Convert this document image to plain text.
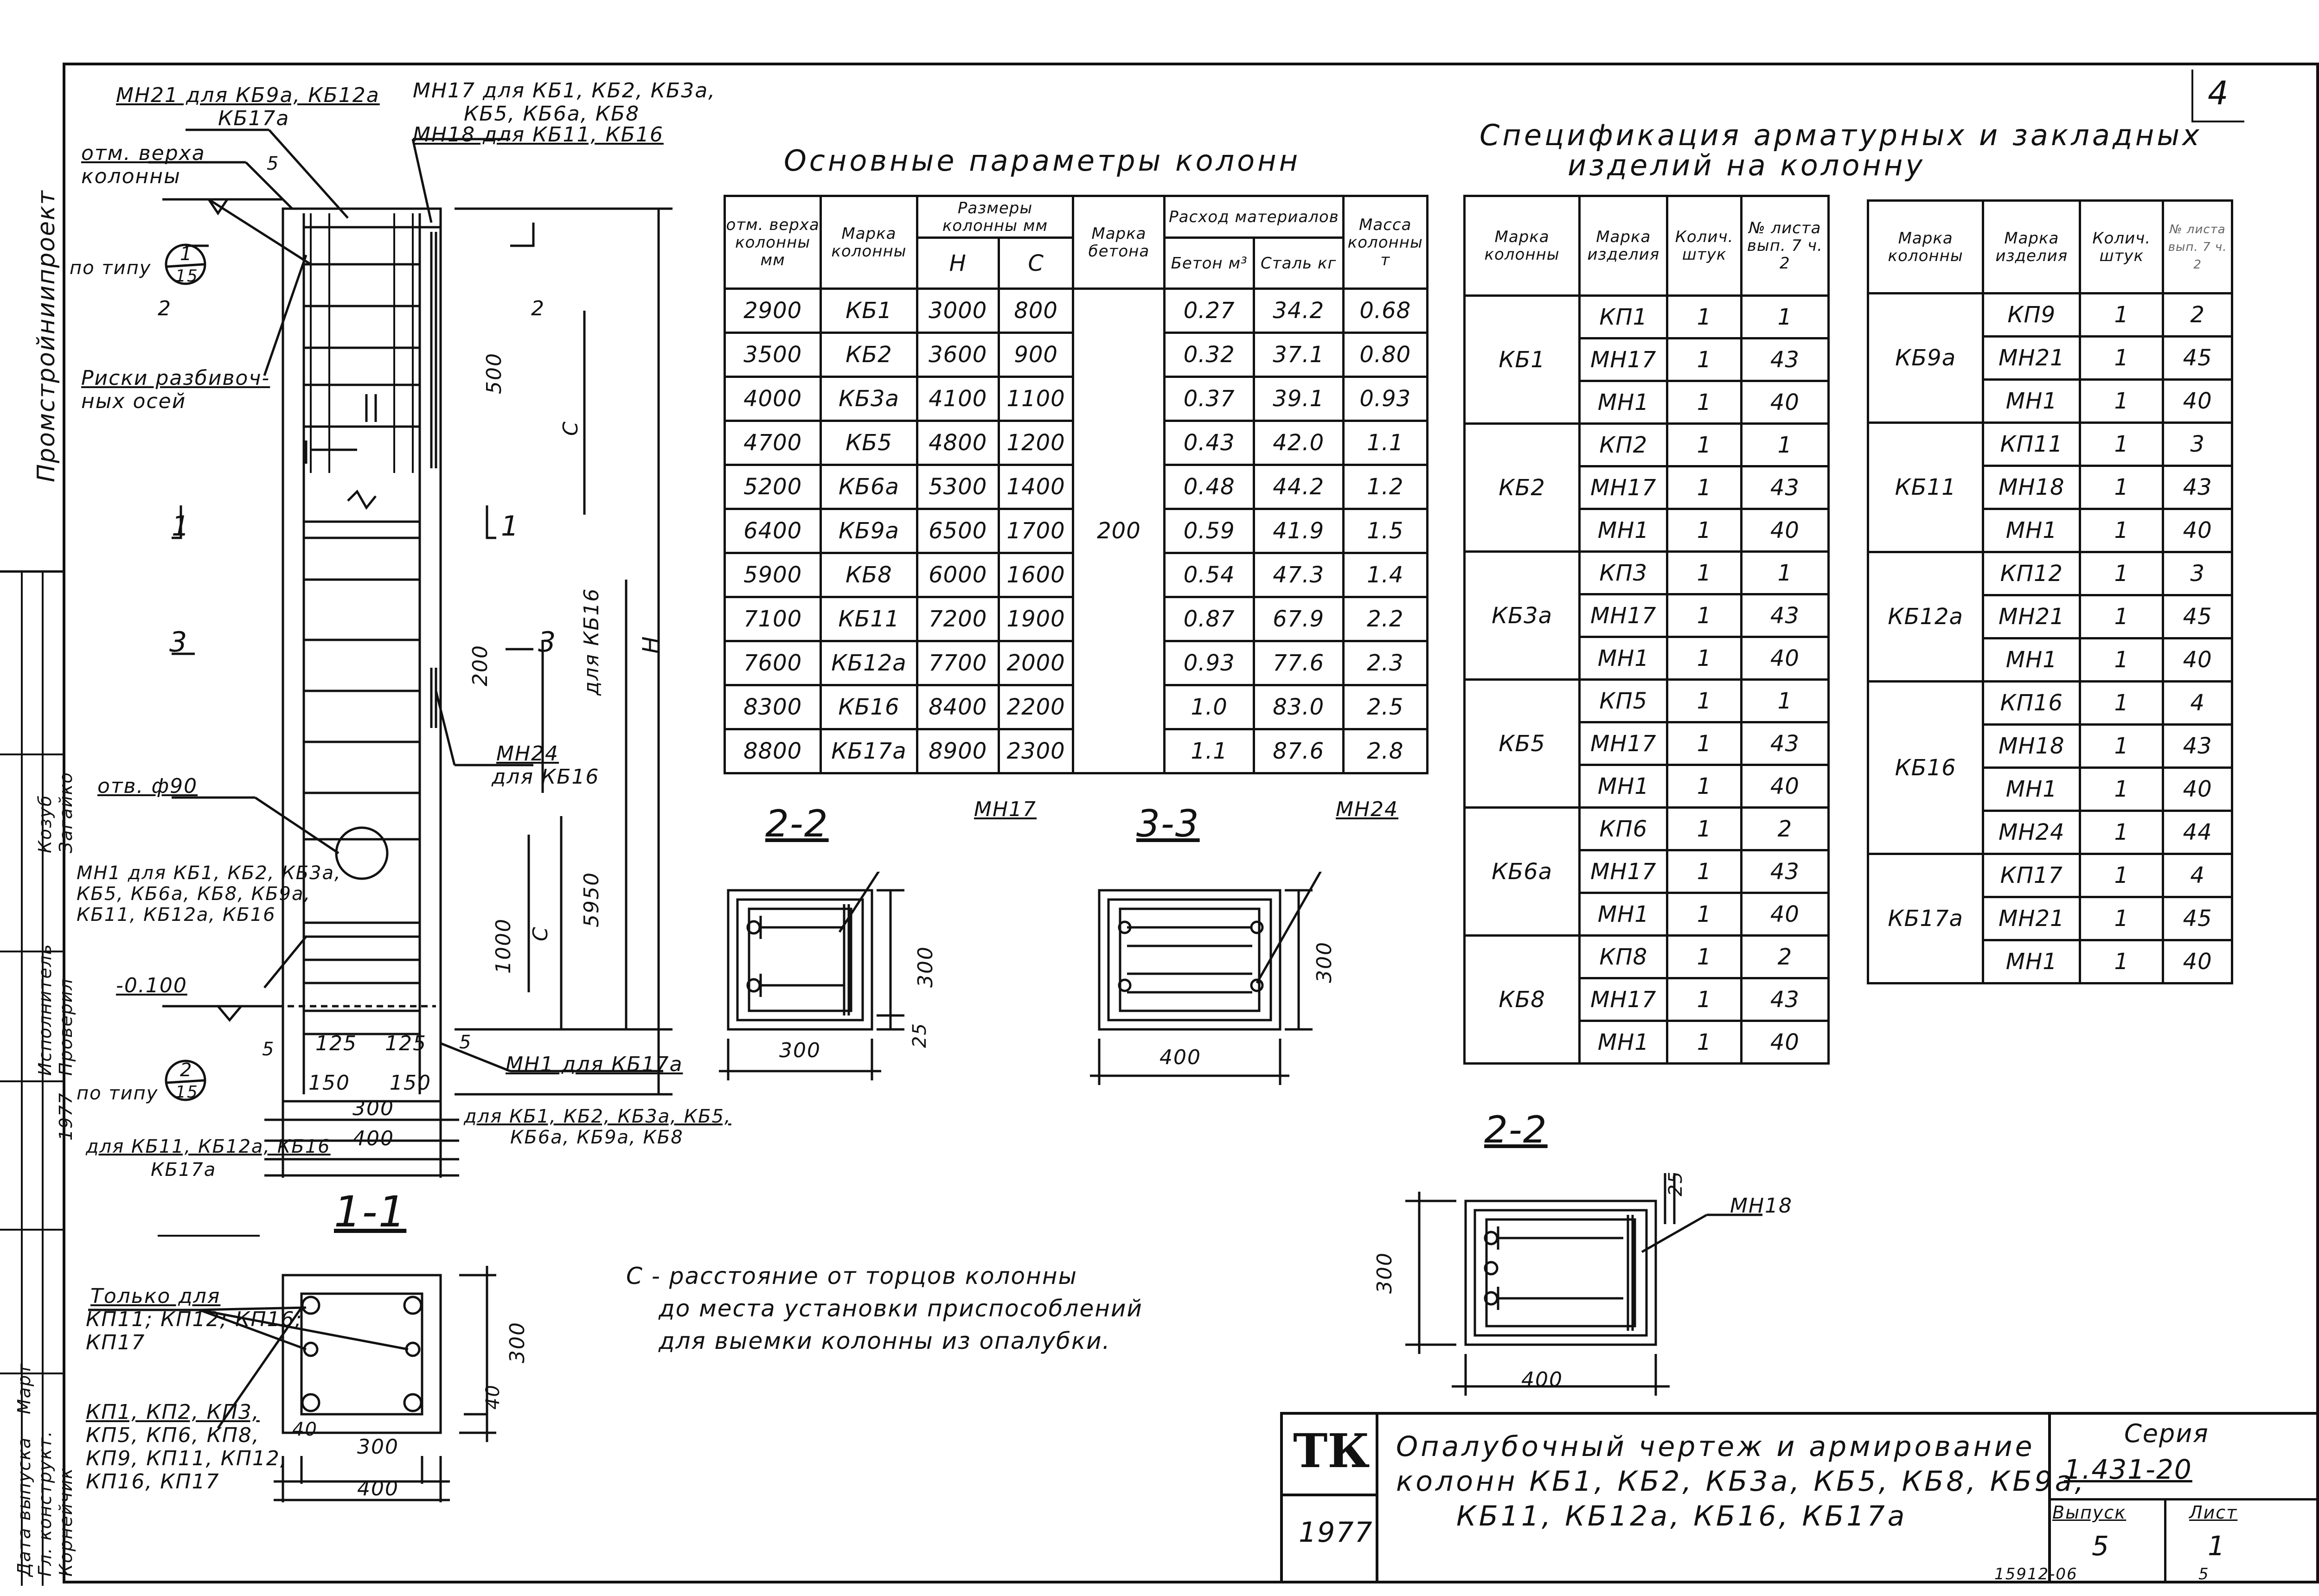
4
Промстройниипроект
Гл. конструкт. Корнейчик
Исполнитель
Козуб
Проверил
Загайко
Дата выпуска
Март
1977
МН21 для КБ9а, КБ12а
КБ17а
МН17 для КБ1, КБ2, КБ3а,
КБ5, КБ6а, КБ8
МН18 для КБ11, КБ16
отм. верха
колонны
5
по типу
1
15
2	2
Риски разбивоч-
ных осей
1	1
3	3
отв. ф90
МН1 для КБ1, КБ2, КБ3а,
КБ5, КБ6а, КБ8, КБ9а,
КБ11, КБ12а, КБ16
-0.100
МН24
для КБ16
МН1 для КБ17а
по типу
2
15
для КБ1, КБ2, КБ3а, КБ5,
КБ6а, КБ9а, КБ8
для КБ11, КБ12а, КБ16
КБ17а
500
С
Н
для КБ16
200
1000 С
5950
5	5
125 125
150 150
300
400
1-1
Только для
КП11; КП12; КП16;
КП17
КП1, КП2, КП3,
КП5, КП6, КП8,
КП9, КП11, КП12,
КП16, КП17
300
400
300
40
40
Основные параметры колонн
отм. верха колонны мм	Марка колонны	Размеры колонны мм		Марка бетона	Расход материалов		Масса колонны т
		Н	С		Бетон м³	Сталь кг	
2900	КБ1	3000	800	200	0.27	34.2	0.68
3500	КБ2	3600	900		0.32	37.1	0.80
4000	КБ3а	4100	1100		0.37	39.1	0.93
4700	КБ5	4800	1200		0.43	42.0	1.1
5200	КБ6а	5300	1400		0.48	44.2	1.2
6400	КБ9а	6500	1700		0.59	41.9	1.5
5900	КБ8	6000	1600		0.54	47.3	1.4
7100	КБ11	7200	1900		0.87	67.9	2.2
7600	КБ12а	7700	2000		0.93	77.6	2.3
8300	КБ16	8400	2200		1.0	83.0	2.5
8800	КБ17а	8900	2300		1.1	87.6	2.8
2-2	МН17
300
300
25
3-3	МН24
400
300
С - расстояние от торцов колонны
до места установки приспособлений
для выемки колонны из опалубки.
Спецификация арматурных и закладных
изделий на колонну
Марка колонны	Марка изделия	Колич. штук	№ листа вып. 7 ч. 2
КБ1	КП1	1	1
	МН17	1	43
	МН1	1	40
КБ2	КП2	1	1
	МН17	1	43
	МН1	1	40
КБ3а	КП3	1	1
	МН17	1	43
	МН1	1	40
КБ5	КП5	1	1
	МН17	1	43
	МН1	1	40
КБ6а	КП6	1	2
	МН17	1	43
	МН1	1	40
КБ8	КП8	1	2
	МН17	1	43
	МН1	1	40
Марка колонны	Марка изделия	Колич. штук	№ листа вып. 7 ч. 2
КБ9а	КП9	1	2
	МН21	1	45
	МН1	1	40
КБ11	КП11	1	3
	МН18	1	43
	МН1	1	40
КБ12а	КП12	1	3
	МН21	1	45
	МН1	1	40
КБ16	КП16	1	4
	МН18	1	43
	МН1	1	40
	МН24	1	44
КБ17а	КП17	1	4
	МН21	1	45
	МН1	1	40
2-2
МН18
400
300
25
ТК
1977
Опалубочный чертеж и армирование
колонн КБ1, КБ2, КБ3а, КБ5, КБ8, КБ9а,
КБ11, КБ12а, КБ16, КБ17а
Серия
1.431-20
Выпуск	Лист
5	1
15912-06	5
